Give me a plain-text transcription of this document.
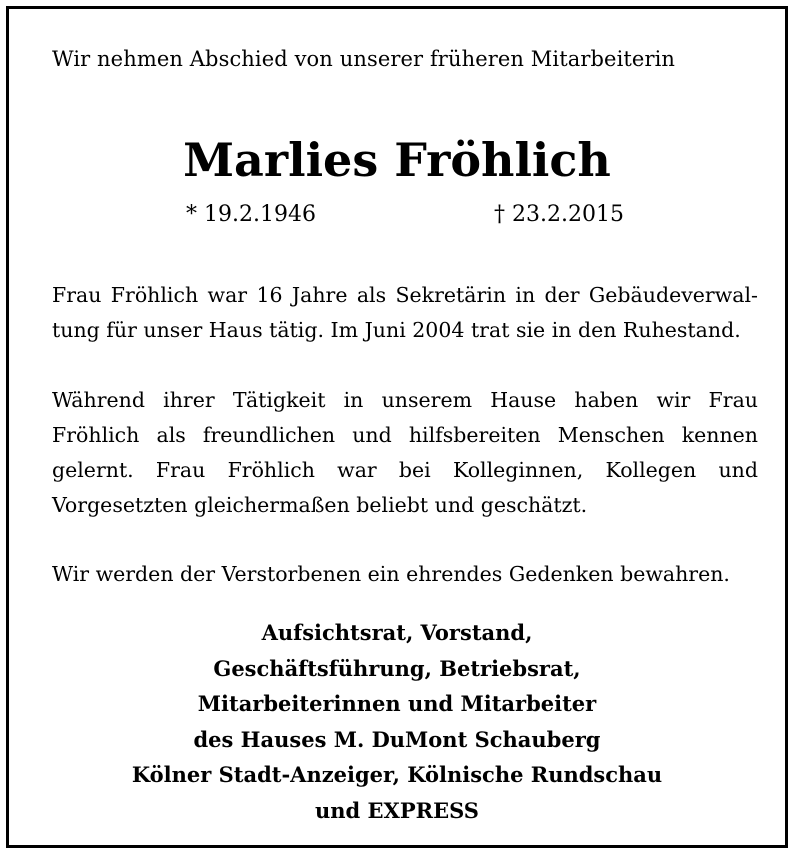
Wir nehmen Abschied von unserer früheren Mitarbeiterin
Marlies Fröhlich
* 19.2.1946	† 23.2.2015
Frau Fröhlich war 16 Jahre als Sekretärin in der Gebäudeverwal-
tung für unser Haus tätig. Im Juni 2004 trat sie in den Ruhestand.
Während ihrer Tätigkeit in unserem Hause haben wir Frau
Fröhlich als freundlichen und hilfsbereiten Menschen kennen
gelernt. Frau Fröhlich war bei Kolleginnen, Kollegen und
Vorgesetzten gleichermaßen beliebt und geschätzt.
Wir werden der Verstorbenen ein ehrendes Gedenken bewahren.
Aufsichtsrat, Vorstand,
Geschäftsführung, Betriebsrat,
Mitarbeiterinnen und Mitarbeiter
des Hauses M. DuMont Schauberg
Kölner Stadt-Anzeiger, Kölnische Rundschau
und EXPRESS
